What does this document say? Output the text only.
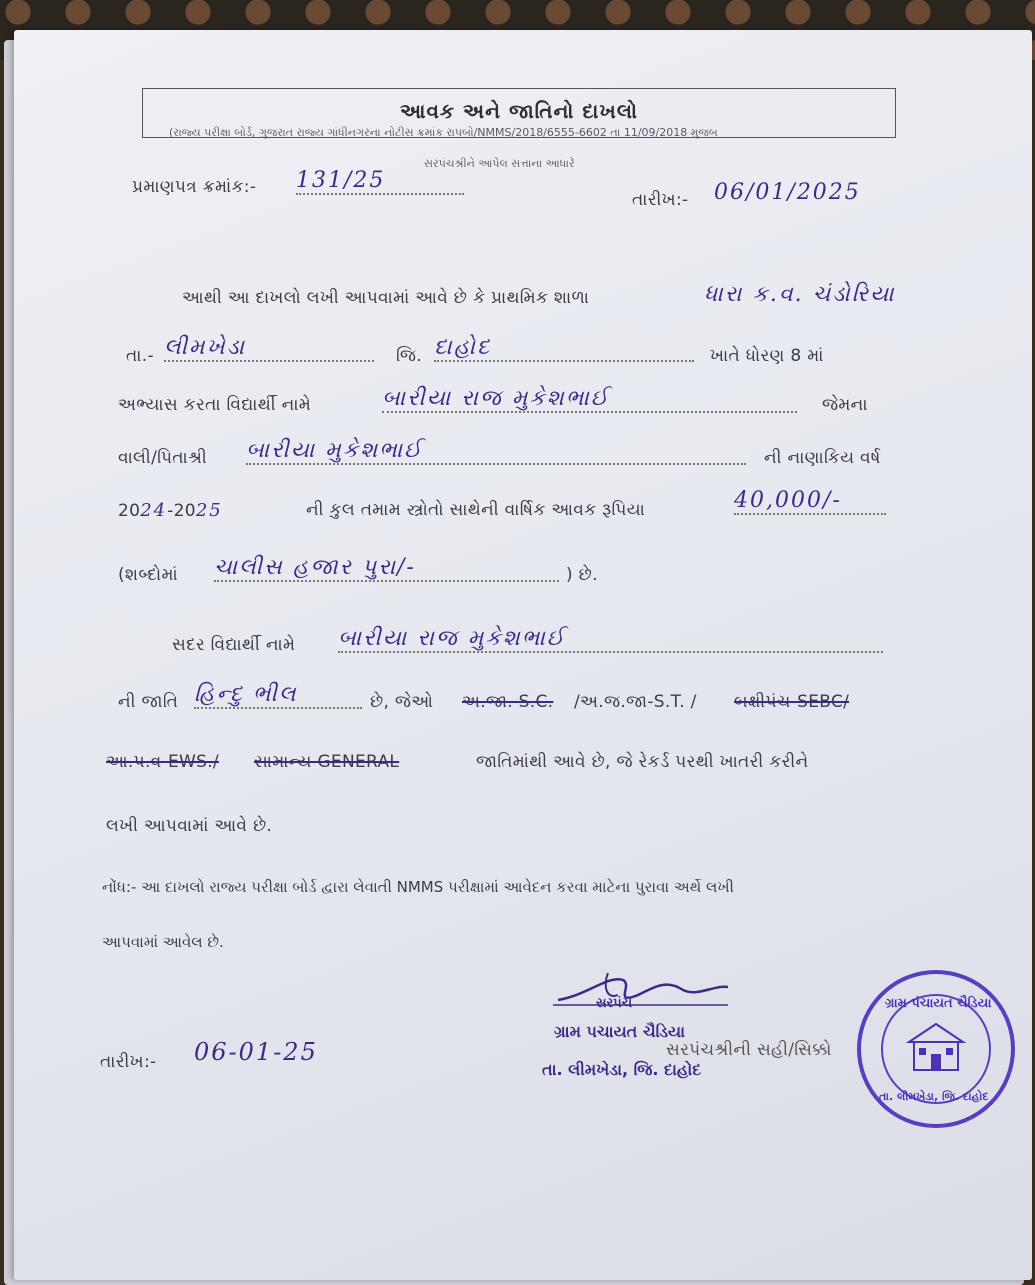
આવક અને જાતિનો દાખલો
(રાજ્ય પરીક્ષા બોર્ડ, ગુજરાત રાજ્ય ગાંધીનગરના નોટીસ ક્રમાંક રાપબો/NMMS/2018/6555-6602 તા 11/09/2018 મુજબ
સરપંચશ્રીને આપેલ સત્તાના આધારે
પ્રમાણપત્ર ક્રમાંક:- 131/25
તારીખ:- 06/01/2025
આથી આ દાખલો લખી આપવામાં આવે છે કે પ્રાથમિક શાળા	ધારા ક.વ. ચંડોરિયા
તા.- લીમખેડા	જિ. દાહોદ	ખાતે ધોરણ 8 માં
અભ્યાસ કરતા વિદ્યાર્થી નામે	બારીયા રાજ મુકેશભાઈ	જેમના
વાલી/પિતાશ્રી બારીયા મુકેશભાઈ	ની નાણાકિય વર્ષ
2024-2025	ની કુલ તમામ સ્ત્રોતો સાથેની વાર્ષિક આવક રૂપિયા	40,000/-
(શબ્દોમાં ચાલીસ હજાર પુરા/-	) છે.
સદર વિદ્યાર્થી નામે બારીયા રાજ મુકેશભાઈ
ની જાતિ હિન્દુ ભીલ	છે, જેઓ અ.જા. S.C. /અ.જ.જા-S.T. / બક્ષીપંચ-SEBC/
આ.પ.વ-EWS./ સામાન્ય GENERAL	જાતિમાંથી આવે છે, જે રેકર્ડ પરથી ખાતરી કરીને
લખી આપવામાં આવે છે.
નોંધ:- આ દાખલો રાજ્ય પરીક્ષા બોર્ડ દ્વારા લેવાતી NMMS પરીક્ષામાં આવેદન કરવા માટેના પુરાવા અર્થે લખી
આપવામાં આવેલ છે.
સરપંચ
ગ્રામ પચાયત ચૈડિયા
તા. લીમખેડા, જિ. દાહોદ
સરપંચશ્રીની સહી/સિક્કો
તારીખ:- 06-01-25
ગ્રામ પંચાયત ચૈડિયા
તા. લીમખેડા, જિ. દાહોદ
